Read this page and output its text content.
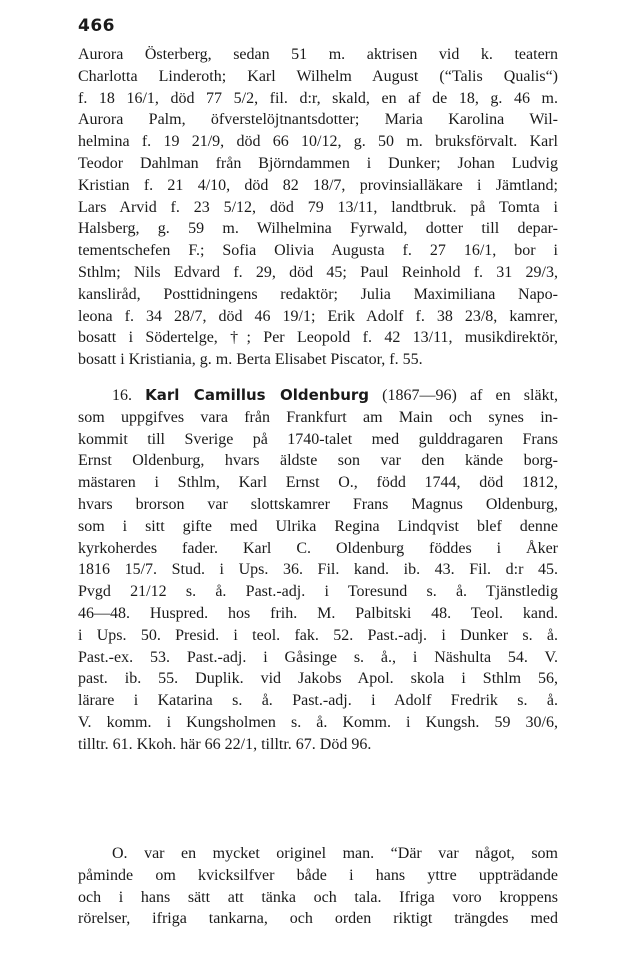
466
Aurora Österberg, sedan 51 m. aktrisen vid k. teatern
Charlotta Linderoth; Karl Wilhelm August (“Talis Qualis“)
f. 18 16/1, död 77 5/2, fil. d:r, skald, en af de 18, g. 46 m.
Aurora Palm, öfverstelöjtnantsdotter; Maria Karolina Wil-
helmina f. 19 21/9, död 66 10/12, g. 50 m. bruksförvalt. Karl
Teodor Dahlman från Björndammen i Dunker; Johan Ludvig
Kristian f. 21 4/10, död 82 18/7, provinsialläkare i Jämtland;
Lars Arvid f. 23 5/12, död 79 13/11, landtbruk. på Tomta i
Halsberg, g. 59 m. Wilhelmina Fyrwald, dotter till depar-
tementschefen F.; Sofia Olivia Augusta f. 27 16/1, bor i
Sthlm; Nils Edvard f. 29, död 45; Paul Reinhold f. 31 29/3,
kansliråd, Posttidningens redaktör; Julia Maximiliana Napo-
leona f. 34 28/7, död 46 19/1; Erik Adolf f. 38 23/8, kamrer,
bosatt i Södertelge, †; Per Leopold f. 42 13/11, musikdirektör,
bosatt i Kristiania, g. m. Berta Elisabet Piscator, f. 55.
16. Karl Camillus Oldenburg (1867—96) af en släkt,
som uppgifves vara från Frankfurt am Main och synes in-
kommit till Sverige på 1740-talet med gulddragaren Frans
Ernst Oldenburg, hvars äldste son var den kände borg-
mästaren i Sthlm, Karl Ernst O., född 1744, död 1812,
hvars brorson var slottskamrer Frans Magnus Oldenburg,
som i sitt gifte med Ulrika Regina Lindqvist blef denne
kyrkoherdes fader. Karl C. Oldenburg föddes i Åker
1816 15/7. Stud. i Ups. 36. Fil. kand. ib. 43. Fil. d:r 45.
Pvgd 21/12 s. å. Past.-adj. i Toresund s. å. Tjänstledig
46—48. Huspred. hos frih. M. Palbitski 48. Teol. kand.
i Ups. 50. Presid. i teol. fak. 52. Past.-adj. i Dunker s. å.
Past.-ex. 53. Past.-adj. i Gåsinge s. å., i Näshulta 54. V.
past. ib. 55. Duplik. vid Jakobs Apol. skola i Sthlm 56,
lärare i Katarina s. å. Past.-adj. i Adolf Fredrik s. å.
V. komm. i Kungsholmen s. å. Komm. i Kungsh. 59 30/6,
tilltr. 61. Kkoh. här 66 22/1, tilltr. 67. Död 96.
O. var en mycket originel man. “Där var något, som
påminde om kvicksilfver både i hans yttre uppträdande
och i hans sätt att tänka och tala. Ifriga voro kroppens
rörelser, ifriga tankarna, och orden riktigt trängdes med
